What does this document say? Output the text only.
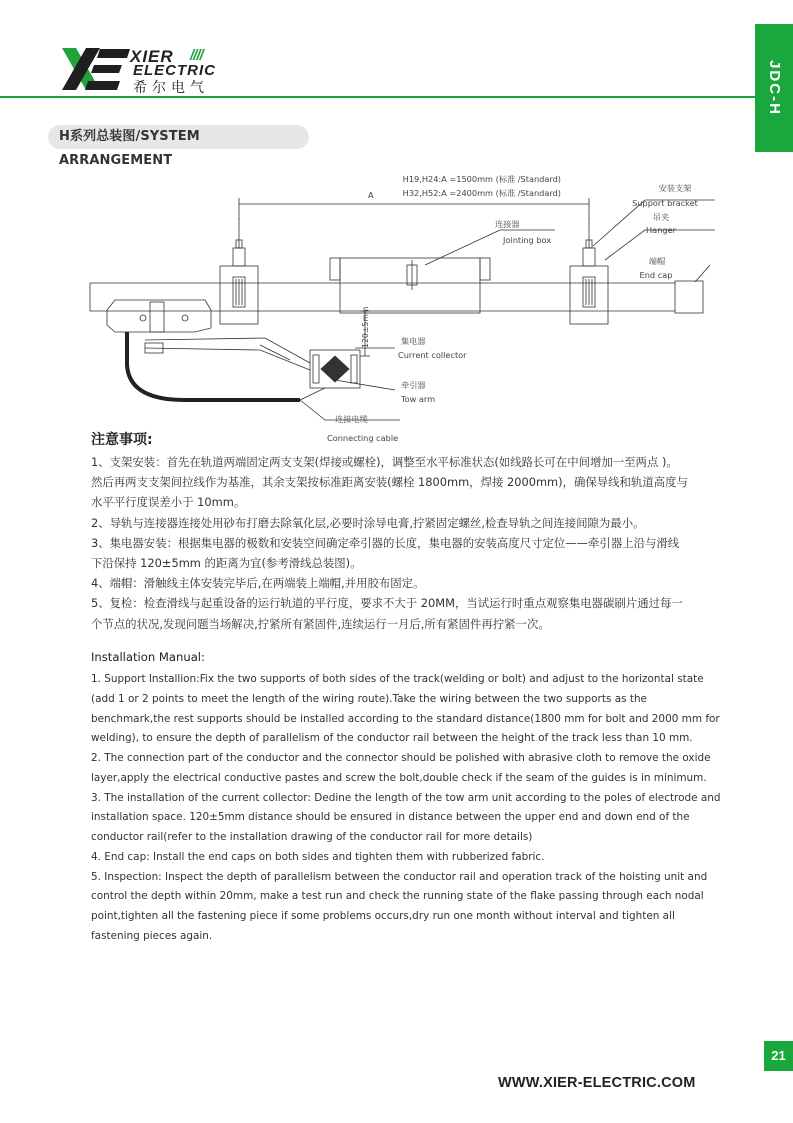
XIER ////
ELECTRIC
希尔电气	JDC-H
H系列总装图/SYSTEM ARRANGEMENT
H19,H24:A =1500mm (标准 /Standard)
H32,H52:A =2400mm (标准 /Standard)
A
120±5mm
安装支架
Support bracket
吊夹
Hanger
连接器
Jointing box
端帽
End cap
集电器
Current collector
牵引器
Tow arm
连接电缆
Connecting cable
注意事项:

1、支架安装：首先在轨道两端固定两支支架(焊接或螺栓)，调整至水平标准状态(如线路长可在中间增加一至两点 )。

然后再两支支架间拉线作为基准，其余支架按标准距离安装(螺栓 1800mm，焊接 2000mm)，确保导线和轨道高度与

水平平行度误差小于 10mm。

2、导轨与连接器连接处用砂布打磨去除氧化层,必要时涂导电膏,拧紧固定螺丝,检查导轨之间连接间隙为最小。

3、集电器安装：根据集电器的极数和安装空间确定牵引器的长度，集电器的安装高度尺寸定位——牵引器上沿与滑线

下沿保持 120±5mm 的距离为宜(参考滑线总装图)。

4、端帽：滑触线主体安装完毕后,在两端装上端帽,并用胶布固定。

5、复检：检查滑线与起重设备的运行轨道的平行度，要求不大于 20MM，当试运行时重点观察集电器碳刷片通过每一

个节点的状况,发现问题当场解决,拧紧所有紧固件,连续运行一月后,所有紧固件再拧紧一次。

Installation Manual:

1. Support Installion:Fix the two supports of both sides of the track(welding or bolt) and adjust to the horizontal state

(add 1 or 2 points to meet the length of the wiring route).Take the wiring between the two supports as the

benchmark,the rest supports should be installed according to the standard distance(1800 mm for bolt and 2000 mm for

welding), to ensure the depth of parallelism of the conductor rail between the height of the track less than 10 mm.

2. The connection part of the conductor and the connector should be polished with abrasive cloth to remove the oxide

layer,apply the electrical conductive pastes and screw the bolt,double check if the seam of the guides is in minimum.

3. The installation of the current collector: Dedine the length of the tow arm unit according to the poles of electrode and

installation space. 120±5mm distance should be ensured in distance between the upper end and down end of the

conductor rail(refer to the installation drawing of the conductor rail for more details)

4. End cap: Install the end caps on both sides and tighten them with rubberized fabric.

5. Inspection: Inspect the depth of parallelism between the conductor rail and operation track of the hoisting unit and

control the depth within 20mm, make a test run and check the running state of the flake passing through each nodal

point,tighten all the fastening piece if some problems occurs,dry run one month without interval and tighten all

fastening pieces again.

21
WWW.XIER-ELECTRIC.COM
